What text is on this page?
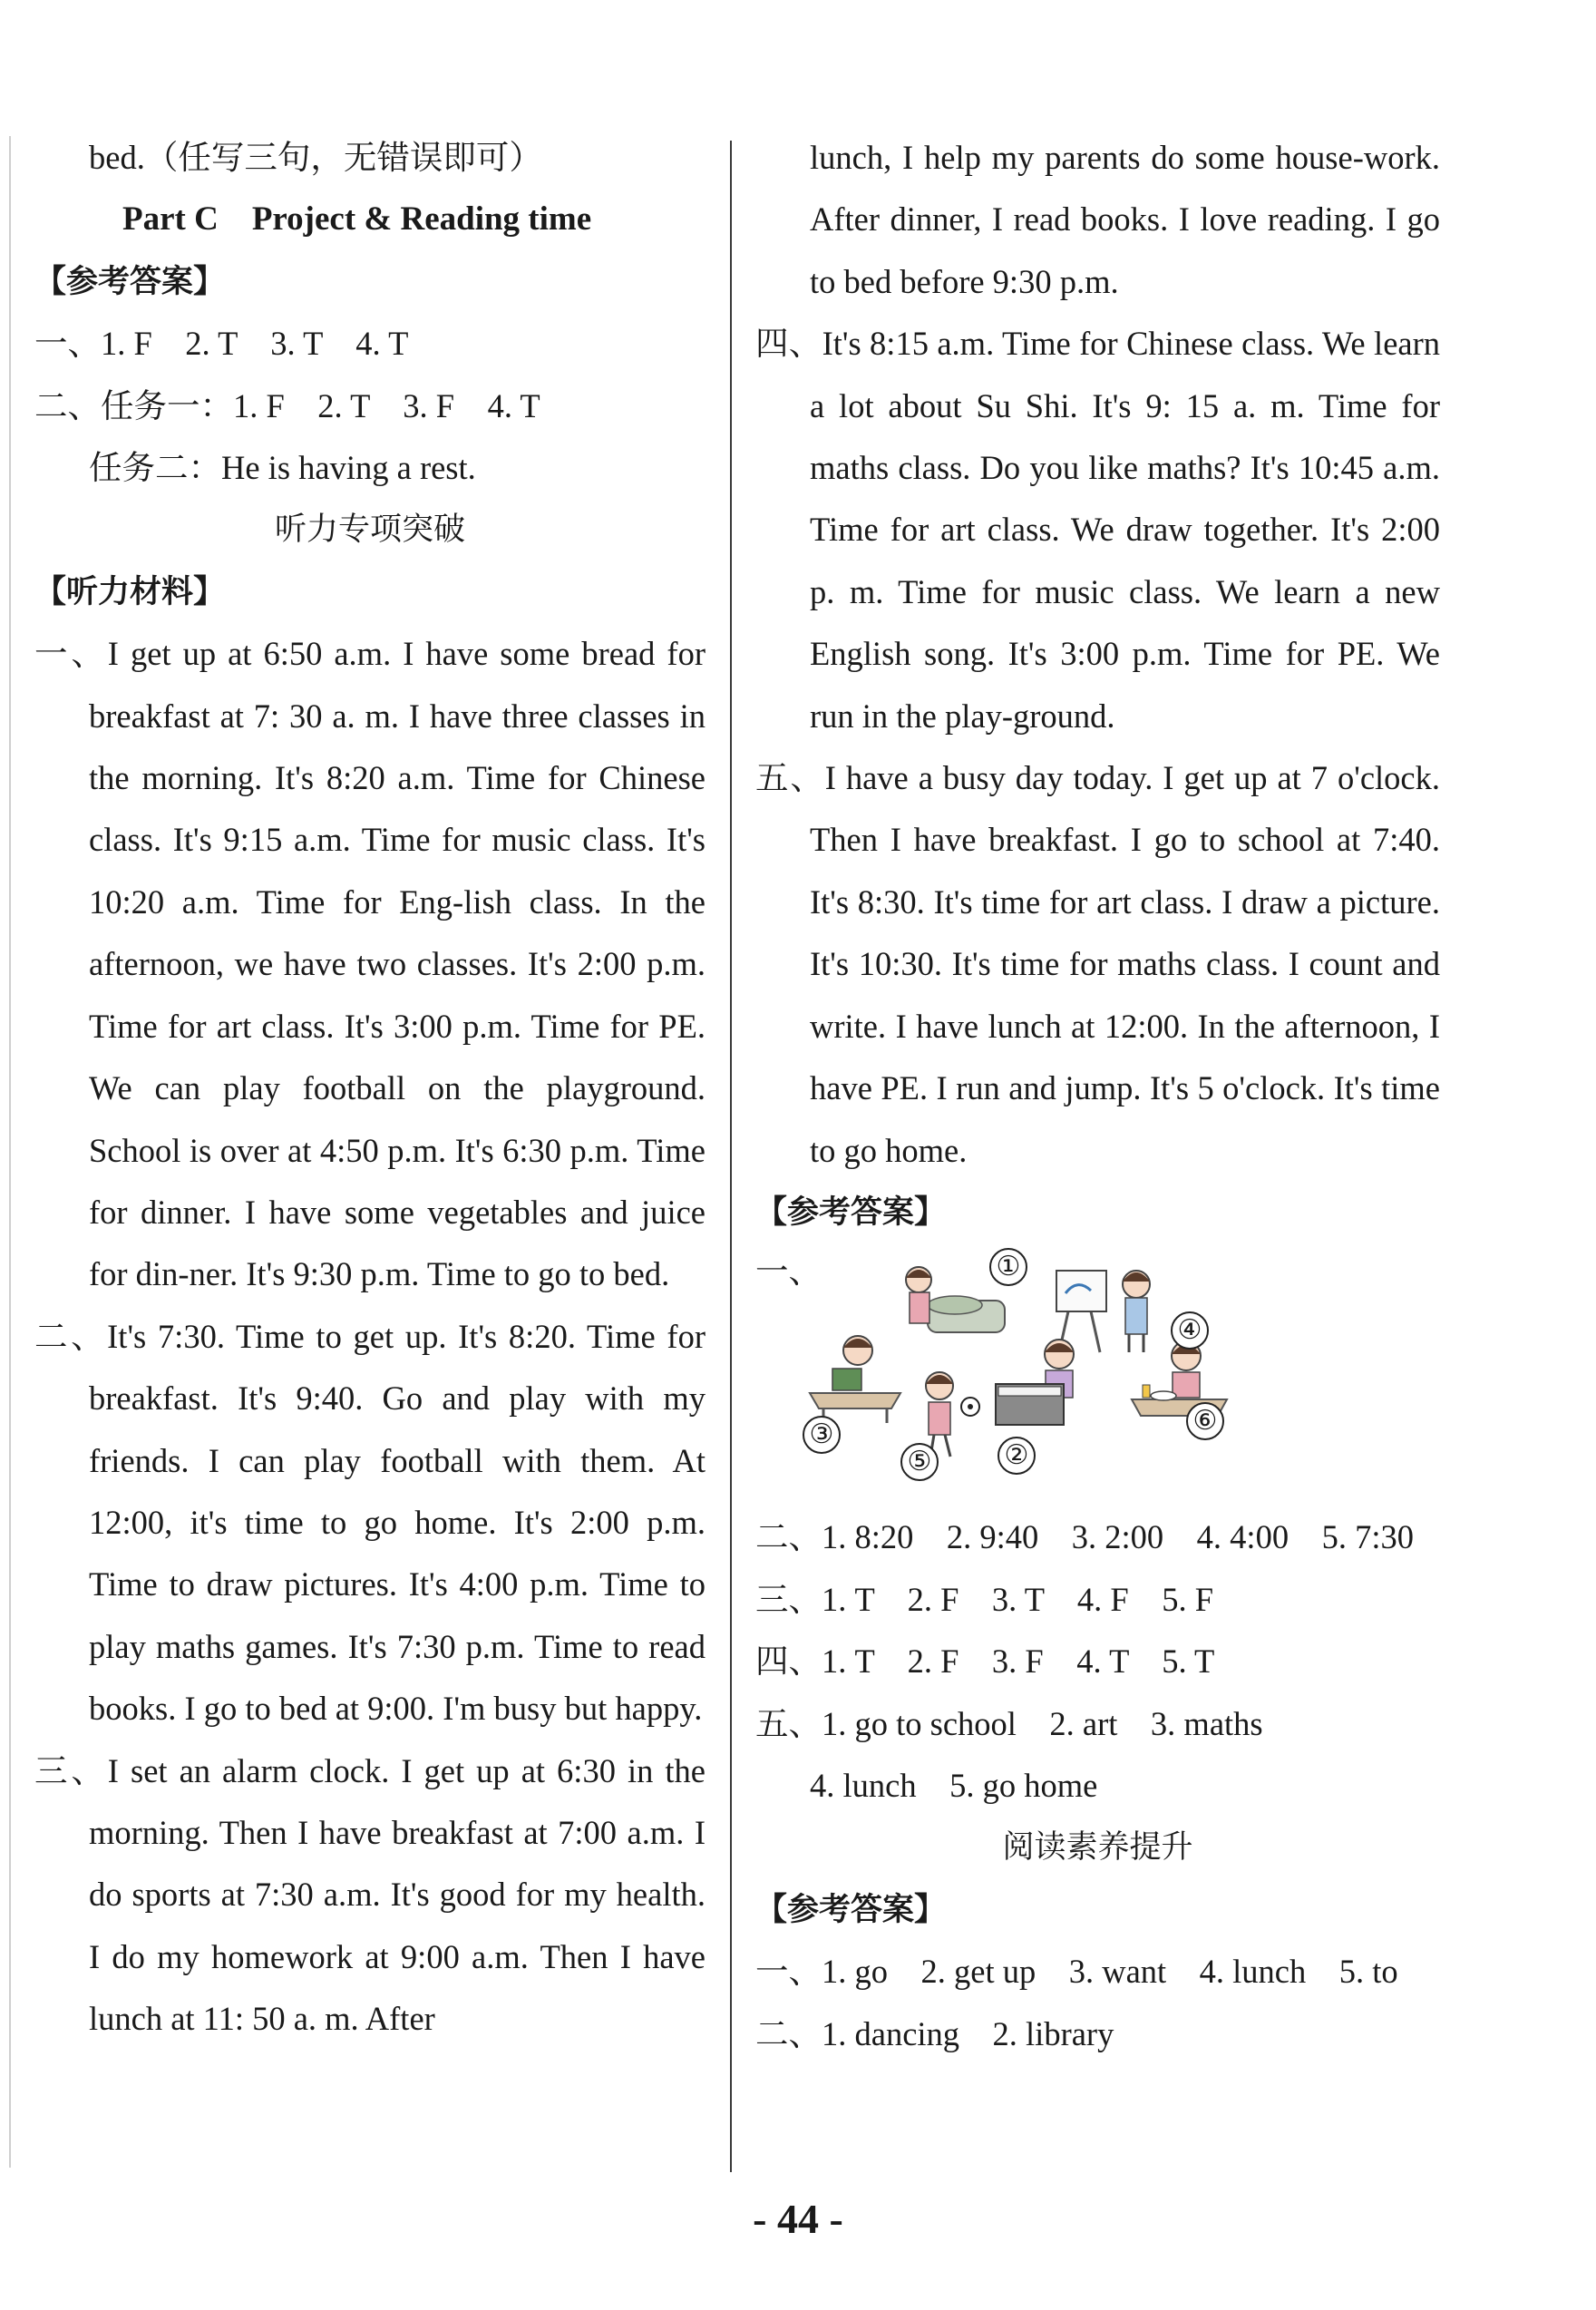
bed.（任写三句，无错误即可）
Part C　Project & Reading time
【参考答案】
一、1. F　2. T　3. T　4. T
二、任务一：1. F　2. T　3. F　4. T
任务二：He is having a rest.
听力专项突破
【听力材料】
一、I get up at 6:50 a.m. I have some bread for breakfast at 7: 30 a. m. I have three classes in the morning. It's 8:20 a.m. Time for Chinese class. It's 9:15 a.m. Time for music class. It's 10:20 a.m. Time for Eng-lish class. In the afternoon, we have two classes. It's 2:00 p.m. Time for art class. It's 3:00 p.m. Time for PE. We can play football on the playground. School is over at 4:50 p.m. It's 6:30 p.m. Time for dinner. I have some vegetables and juice for din-ner. It's 9:30 p.m. Time to go to bed.
二、It's 7:30. Time to get up. It's 8:20. Time for breakfast. It's 9:40. Go and play with my friends. I can play football with them. At 12:00, it's time to go home. It's 2:00 p.m. Time to draw pictures. It's 4:00 p.m. Time to play maths games. It's 7:30 p.m. Time to read books. I go to bed at 9:00. I'm busy but happy.
三、I set an alarm clock. I get up at 6:30 in the morning. Then I have breakfast at 7:00 a.m. I do sports at 7:30 a.m. It's good for my health. I do my homework at 9:00 a.m. Then I have lunch at 11: 50 a. m. After
lunch, I help my parents do some house-work. After dinner, I read books. I love reading. I go to bed before 9:30 p.m.
四、It's 8:15 a.m. Time for Chinese class. We learn a lot about Su Shi. It's 9: 15 a. m. Time for maths class. Do you like maths? It's 10:45 a.m. Time for art class. We draw together. It's 2:00 p. m. Time for music class. We learn a new English song. It's 3:00 p.m. Time for PE. We run in the play-ground.
五、I have a busy day today. I get up at 7 o'clock. Then I have breakfast. I go to school at 7:40. It's 8:30. It's time for art class. I draw a picture. It's 10:30. It's time for maths class. I count and write. I have lunch at 12:00. In the afternoon, I have PE. I run and jump. It's 5 o'clock. It's time to go home.
【参考答案】
一、	①
④
③	⑥
②
⑤
二、1. 8:20　2. 9:40　3. 2:00　4. 4:00　5. 7:30
三、1. T　2. F　3. T　4. F　5. F
四、1. T　2. F　3. F　4. T　5. T
五、1. go to school　2. art　3. maths
4. lunch　5. go home
阅读素养提升
【参考答案】
一、1. go　2. get up　3. want　4. lunch　5. to
二、1. dancing　2. library
- 44 -
